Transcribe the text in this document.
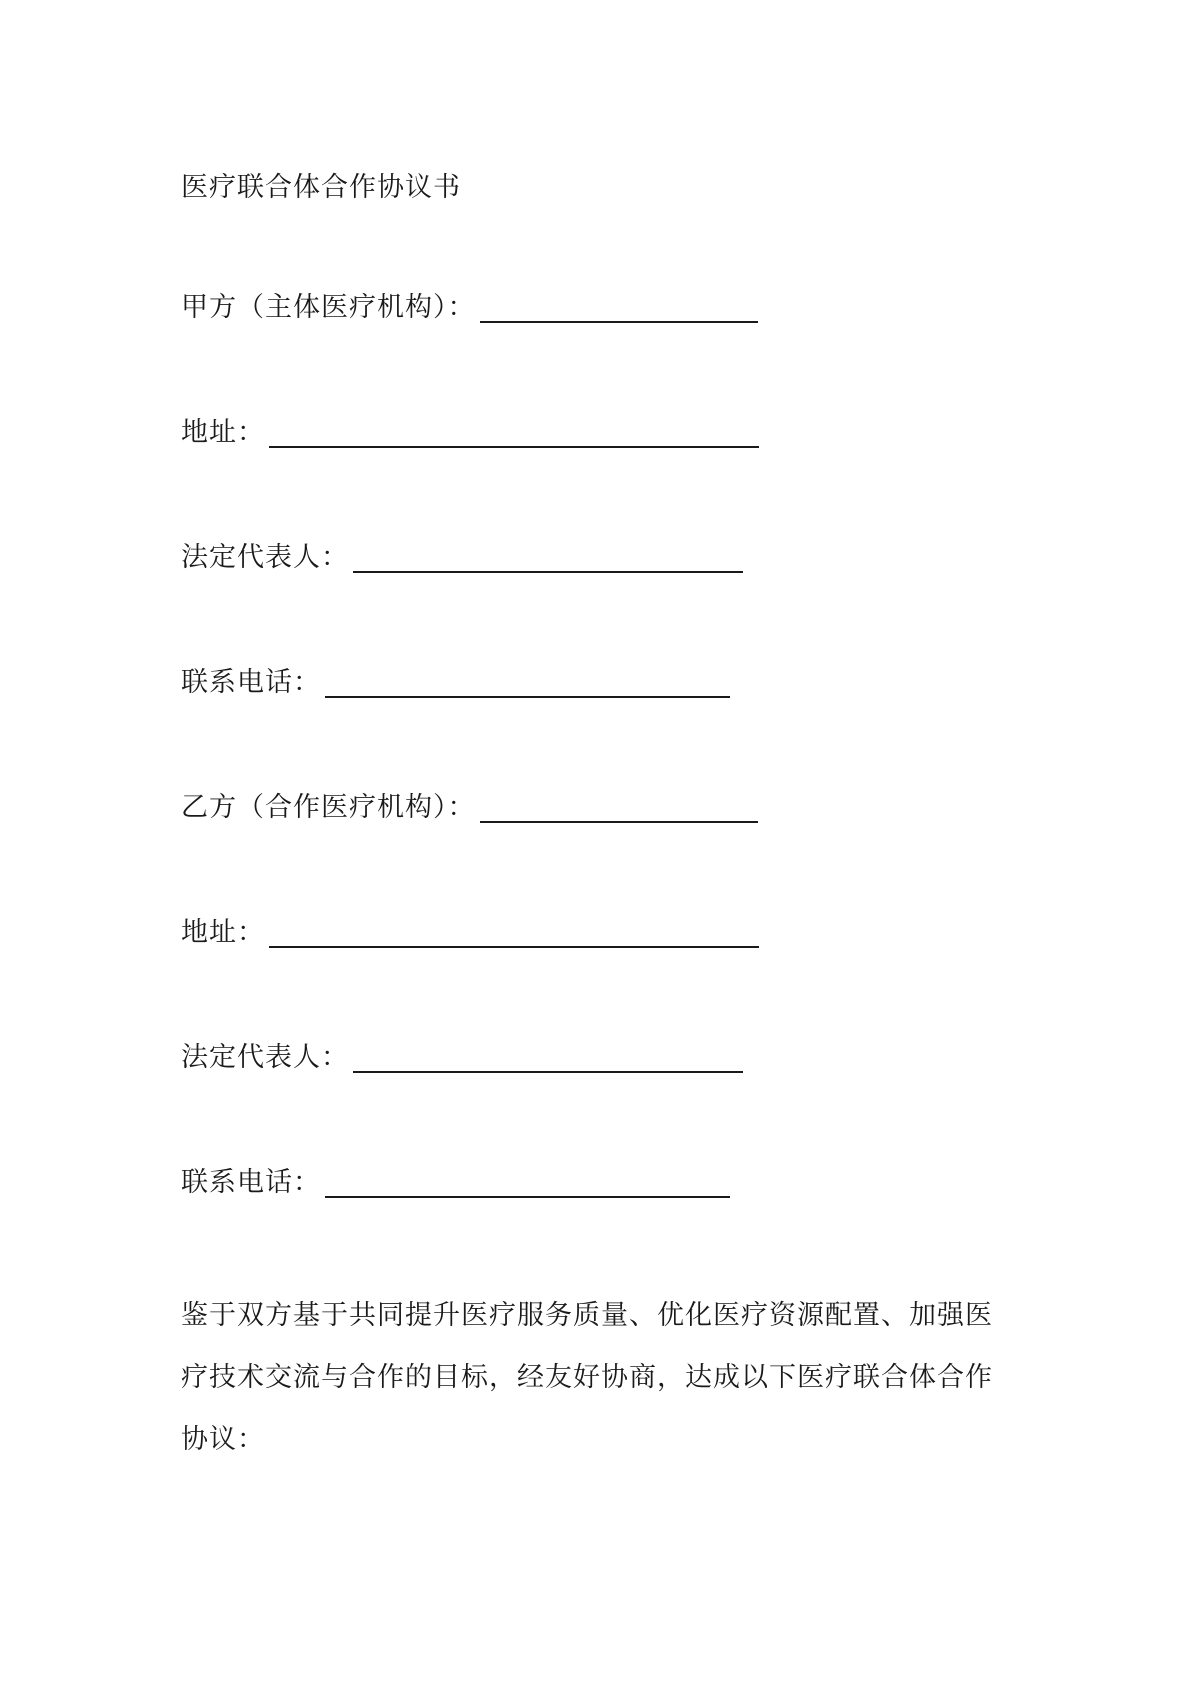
医疗联合体合作协议书
甲方（主体医疗机构）：
地址：
法定代表人：
联系电话：
乙方（合作医疗机构）：
地址：
法定代表人：
联系电话：
鉴于双方基于共同提升医疗服务质量、优化医疗资源配置、加强医
疗技术交流与合作的目标，经友好协商，达成以下医疗联合体合作
协议：
